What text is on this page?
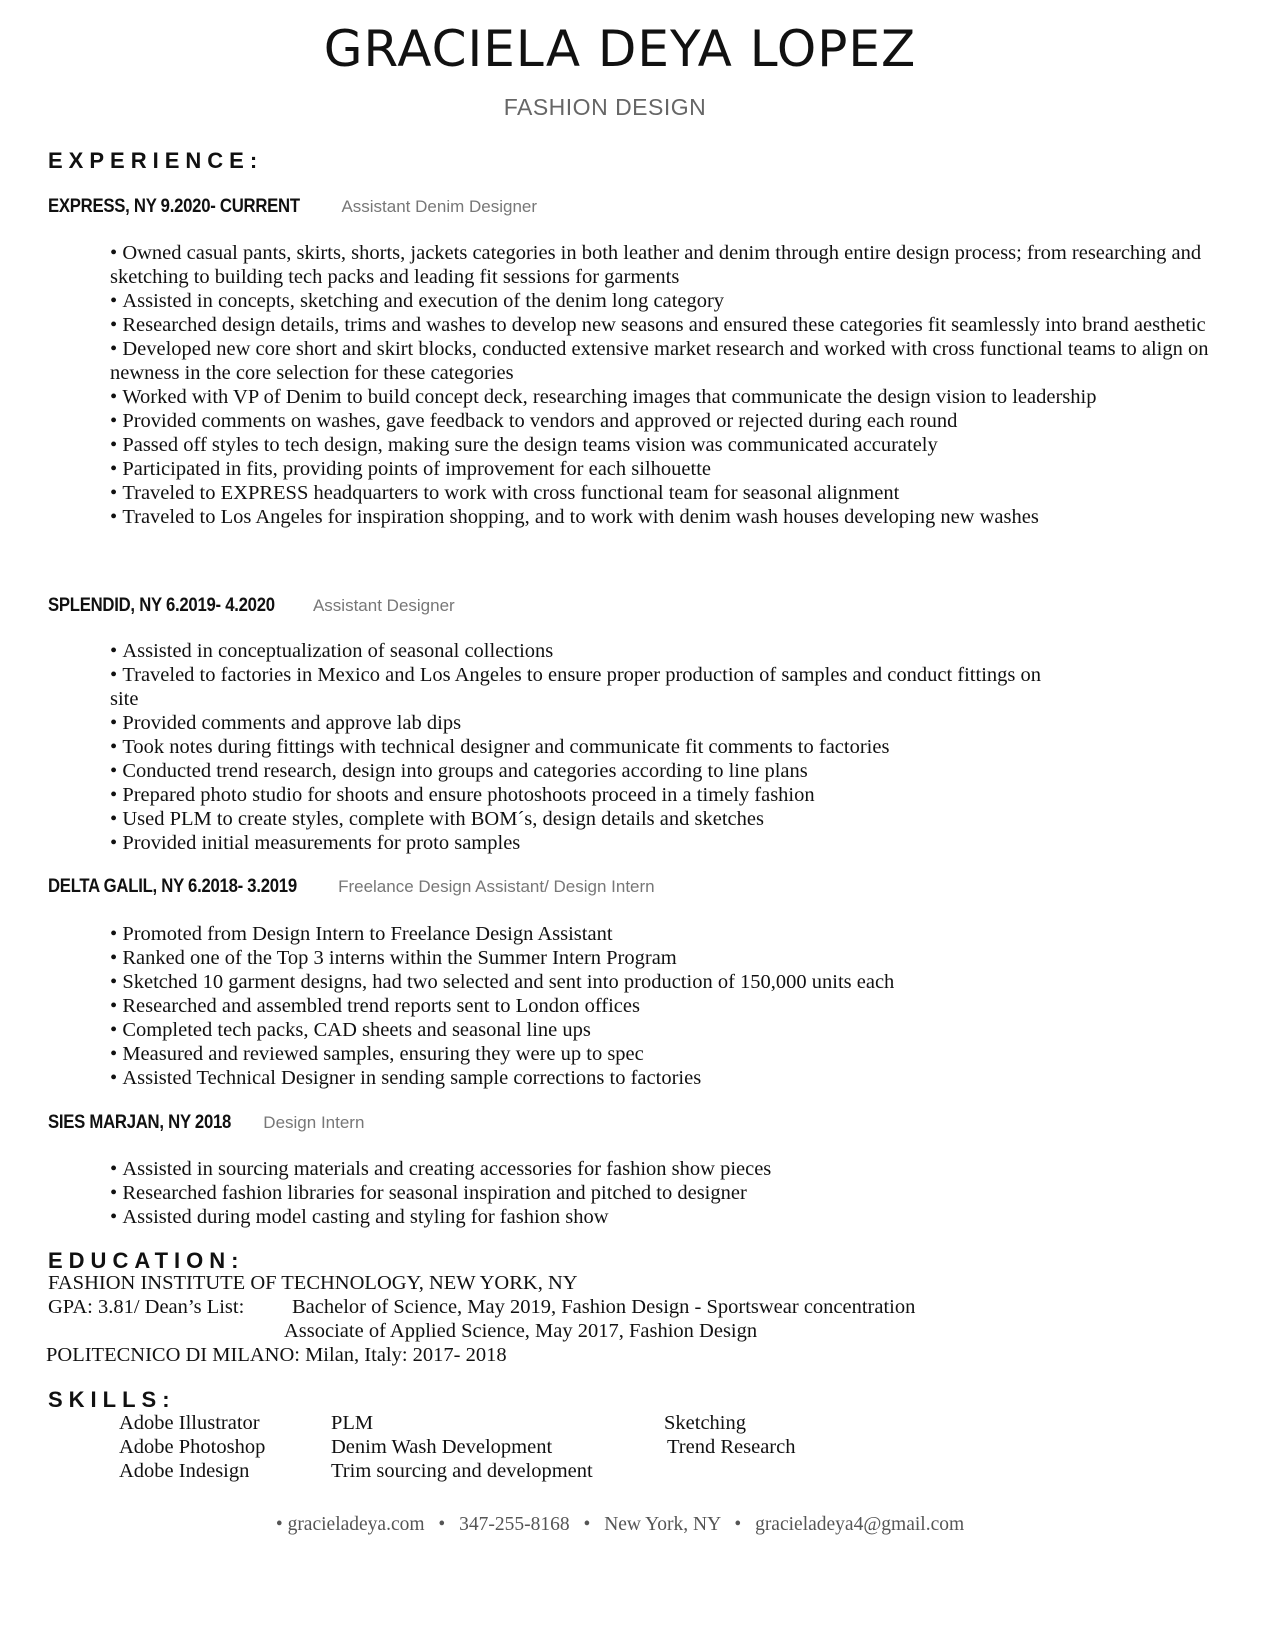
GRACIELA DEYA LOPEZ
FASHION DESIGN
EXPERIENCE:
EXPRESS, NY 9.2020- CURRENT Assistant Denim Designer
• Owned casual pants, skirts, shorts, jackets categories in both leather and denim through entire design process; from researching and sketching to building tech packs and leading fit sessions for garments
• Assisted in concepts, sketching and execution of the denim long category
• Researched design details, trims and washes to develop new seasons and ensured these categories fit seamlessly into brand aesthetic
• Developed new core short and skirt blocks, conducted extensive market research and worked with cross functional teams to align on newness in the core selection for these categories
• Worked with VP of Denim to build concept deck, researching images that communicate the design vision to leadership
• Provided comments on washes, gave feedback to vendors and approved or rejected during each round
• Passed off styles to tech design, making sure the design teams vision was communicated accurately
• Participated in fits, providing points of improvement for each silhouette
• Traveled to EXPRESS headquarters to work with cross functional team for seasonal alignment
• Traveled to Los Angeles for inspiration shopping, and to work with denim wash houses developing new washes
SPLENDID, NY 6.2019- 4.2020 Assistant Designer
• Assisted in conceptualization of seasonal collections
• Traveled to factories in Mexico and Los Angeles to ensure proper production of samples and conduct fittings on site
• Provided comments and approve lab dips
• Took notes during fittings with technical designer and communicate fit comments to factories
• Conducted trend research, design into groups and categories according to line plans
• Prepared photo studio for shoots and ensure photoshoots proceed in a timely fashion
• Used PLM to create styles, complete with BOM´s, design details and sketches
• Provided initial measurements for proto samples
DELTA GALIL, NY 6.2018- 3.2019 Freelance Design Assistant/ Design Intern
• Promoted from Design Intern to Freelance Design Assistant
• Ranked one of the Top 3 interns within the Summer Intern Program
• Sketched 10 garment designs, had two selected and sent into production of 150,000 units each
• Researched and assembled trend reports sent to London offices
• Completed tech packs, CAD sheets and seasonal line ups
• Measured and reviewed samples, ensuring they were up to spec
• Assisted Technical Designer in sending sample corrections to factories
SIES MARJAN, NY 2018 Design Intern
• Assisted in sourcing materials and creating accessories for fashion show pieces
• Researched fashion libraries for seasonal inspiration and pitched to designer
• Assisted during model casting and styling for fashion show
EDUCATION:
FASHION INSTITUTE OF TECHNOLOGY, NEW YORK, NY
GPA: 3.81/ Dean’s List: Bachelor of Science, May 2019, Fashion Design - Sportswear concentration
Associate of Applied Science, May 2017, Fashion Design
POLITECNICO DI MILANO: Milan, Italy: 2017- 2018
SKILLS:
Adobe Illustrator
Adobe Photoshop
Adobe Indesign
PLM
Denim Wash Development
Trim sourcing and development
Sketching
Trend Research
• gracieladeya.com • 347-255-8168 • New York, NY • gracieladeya4@gmail.com
